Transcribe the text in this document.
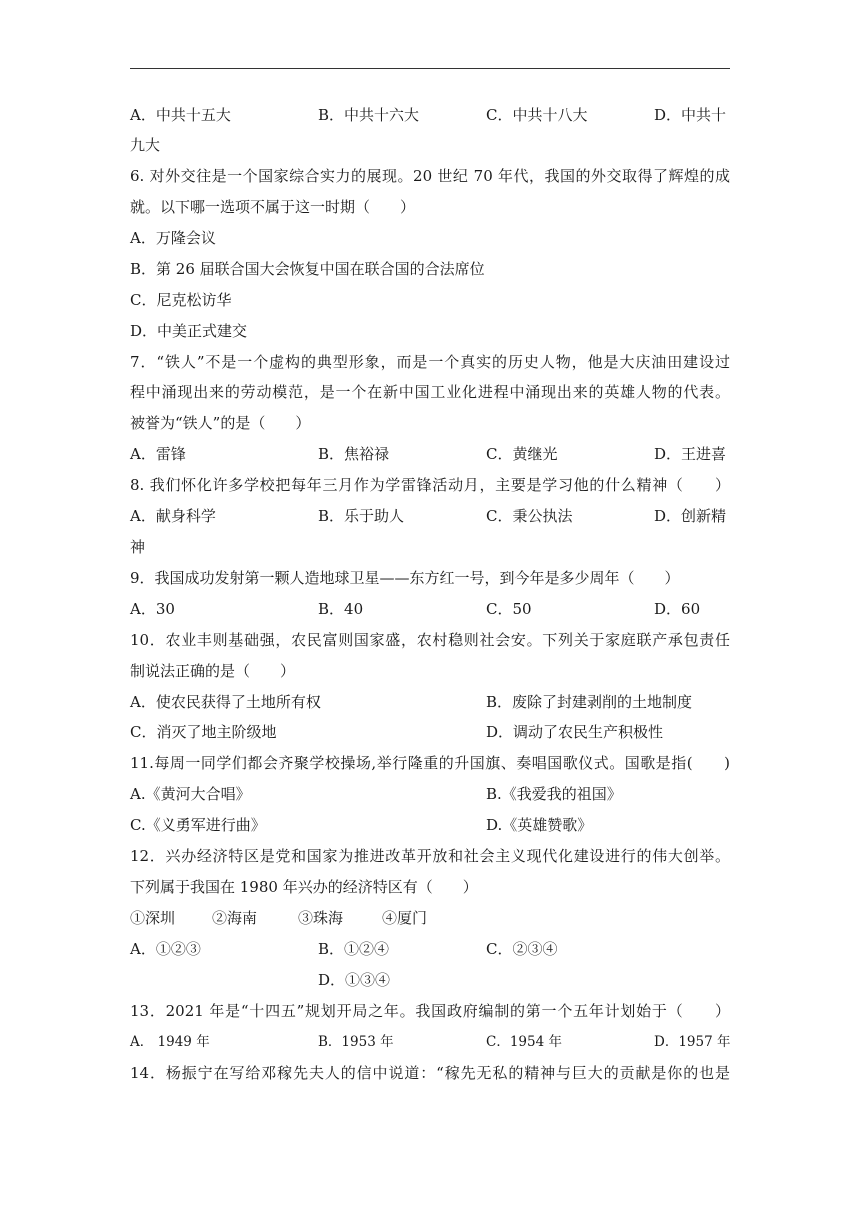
A．中共十五大	B．中共十六大	C．中共十八大	D．中共十
九大
6. 对外交往是一个国家综合实力的展现。20 世纪 70 年代，我国的外交取得了辉煌的成
就。以下哪一选项不属于这一时期（　　）
A．万隆会议
B．第 26 届联合国大会恢复中国在联合国的合法席位
C．尼克松访华
D．中美正式建交
7．“铁人”不是一个虚构的典型形象，而是一个真实的历史人物，他是大庆油田建设过
程中涌现出来的劳动模范，是一个在新中国工业化进程中涌现出来的英雄人物的代表。
被誉为“铁人”的是（　　）
A．雷锋	B．焦裕禄	C．黄继光	D．王进喜
8. 我们怀化许多学校把每年三月作为学雷锋活动月，主要是学习他的什么精神（　　）
A．献身科学	B．乐于助人	C．秉公执法	D．创新精
神
9．我国成功发射第一颗人造地球卫星——东方红一号，到今年是多少周年（　　）
A．30	B．40	C．50	D．60
10．农业丰则基础强，农民富则国家盛，农村稳则社会安。下列关于家庭联产承包责任
制说法正确的是（　　）
A．使农民获得了土地所有权	B．废除了封建剥削的土地制度
C．消灭了地主阶级地	D．调动了农民生产积极性
11.每周一同学们都会齐聚学校操场,举行隆重的升国旗、奏唱国歌仪式。国歌是指(　　)
A.《黄河大合唱》	B.《我爱我的祖国》
C.《义勇军进行曲》	D.《英雄赞歌》
12．兴办经济特区是党和国家为推进改革开放和社会主义现代化建设进行的伟大创举。
下列属于我国在 1980 年兴办的经济特区有（　　）
①深圳 ②海南	③珠海	④厦门
A．①②③	B．①②④	C．②③④
D．①③④
13．2021 年是“十四五”规划开局之年。我国政府编制的第一个五年计划始于（　　）
A． 1949 年	B．1953 年	C．1954 年	D．1957 年
14．杨振宁在写给邓稼先夫人的信中说道：“稼先无私的精神与巨大的贡献是你的也是
